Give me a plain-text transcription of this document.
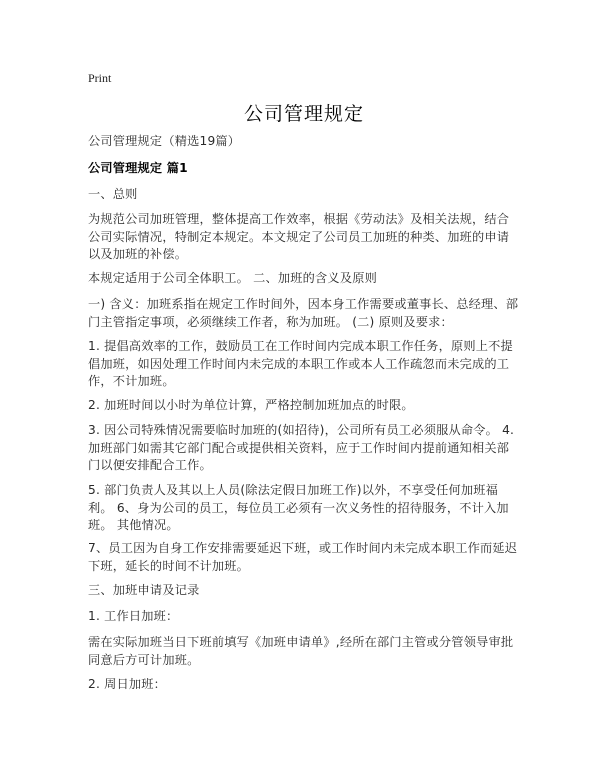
Print
公司管理规定
公司管理规定（精选19篇）
公司管理规定 篇1
一、总则
为规范公司加班管理，整体提高工作效率，根据《劳动法》及相关法规，结合公司实际情况，特制定本规定。本文规定了公司员工加班的种类、加班的申请以及加班的补偿。
本规定适用于公司全体职工。 二、加班的含义及原则
一) 含义：加班系指在规定工作时间外，因本身工作需要或董事长、总经理、部门主管指定事项，必须继续工作者，称为加班。 (二) 原则及要求：
1. 提倡高效率的工作，鼓励员工在工作时间内完成本职工作任务，原则上不提倡加班，如因处理工作时间内未完成的本职工作或本人工作疏忽而未完成的工作，不计加班。
2. 加班时间以小时为单位计算，严格控制加班加点的时限。
3. 因公司特殊情况需要临时加班的(如招待)，公司所有员工必须服从命令。 4. 加班部门如需其它部门配合或提供相关资料，应于工作时间内提前通知相关部门以便安排配合工作。
5. 部门负责人及其以上人员(除法定假日加班工作)以外，不享受任何加班福利。 6、身为公司的员工，每位员工必须有一次义务性的招待服务，不计入加班。 其他情况。
7、员工因为自身工作安排需要延迟下班，或工作时间内未完成本职工作而延迟下班，延长的时间不计加班。
三、加班申请及记录
1. 工作日加班：
需在实际加班当日下班前填写《加班申请单》,经所在部门主管或分管领导审批同意后方可计加班。
2. 周日加班：
